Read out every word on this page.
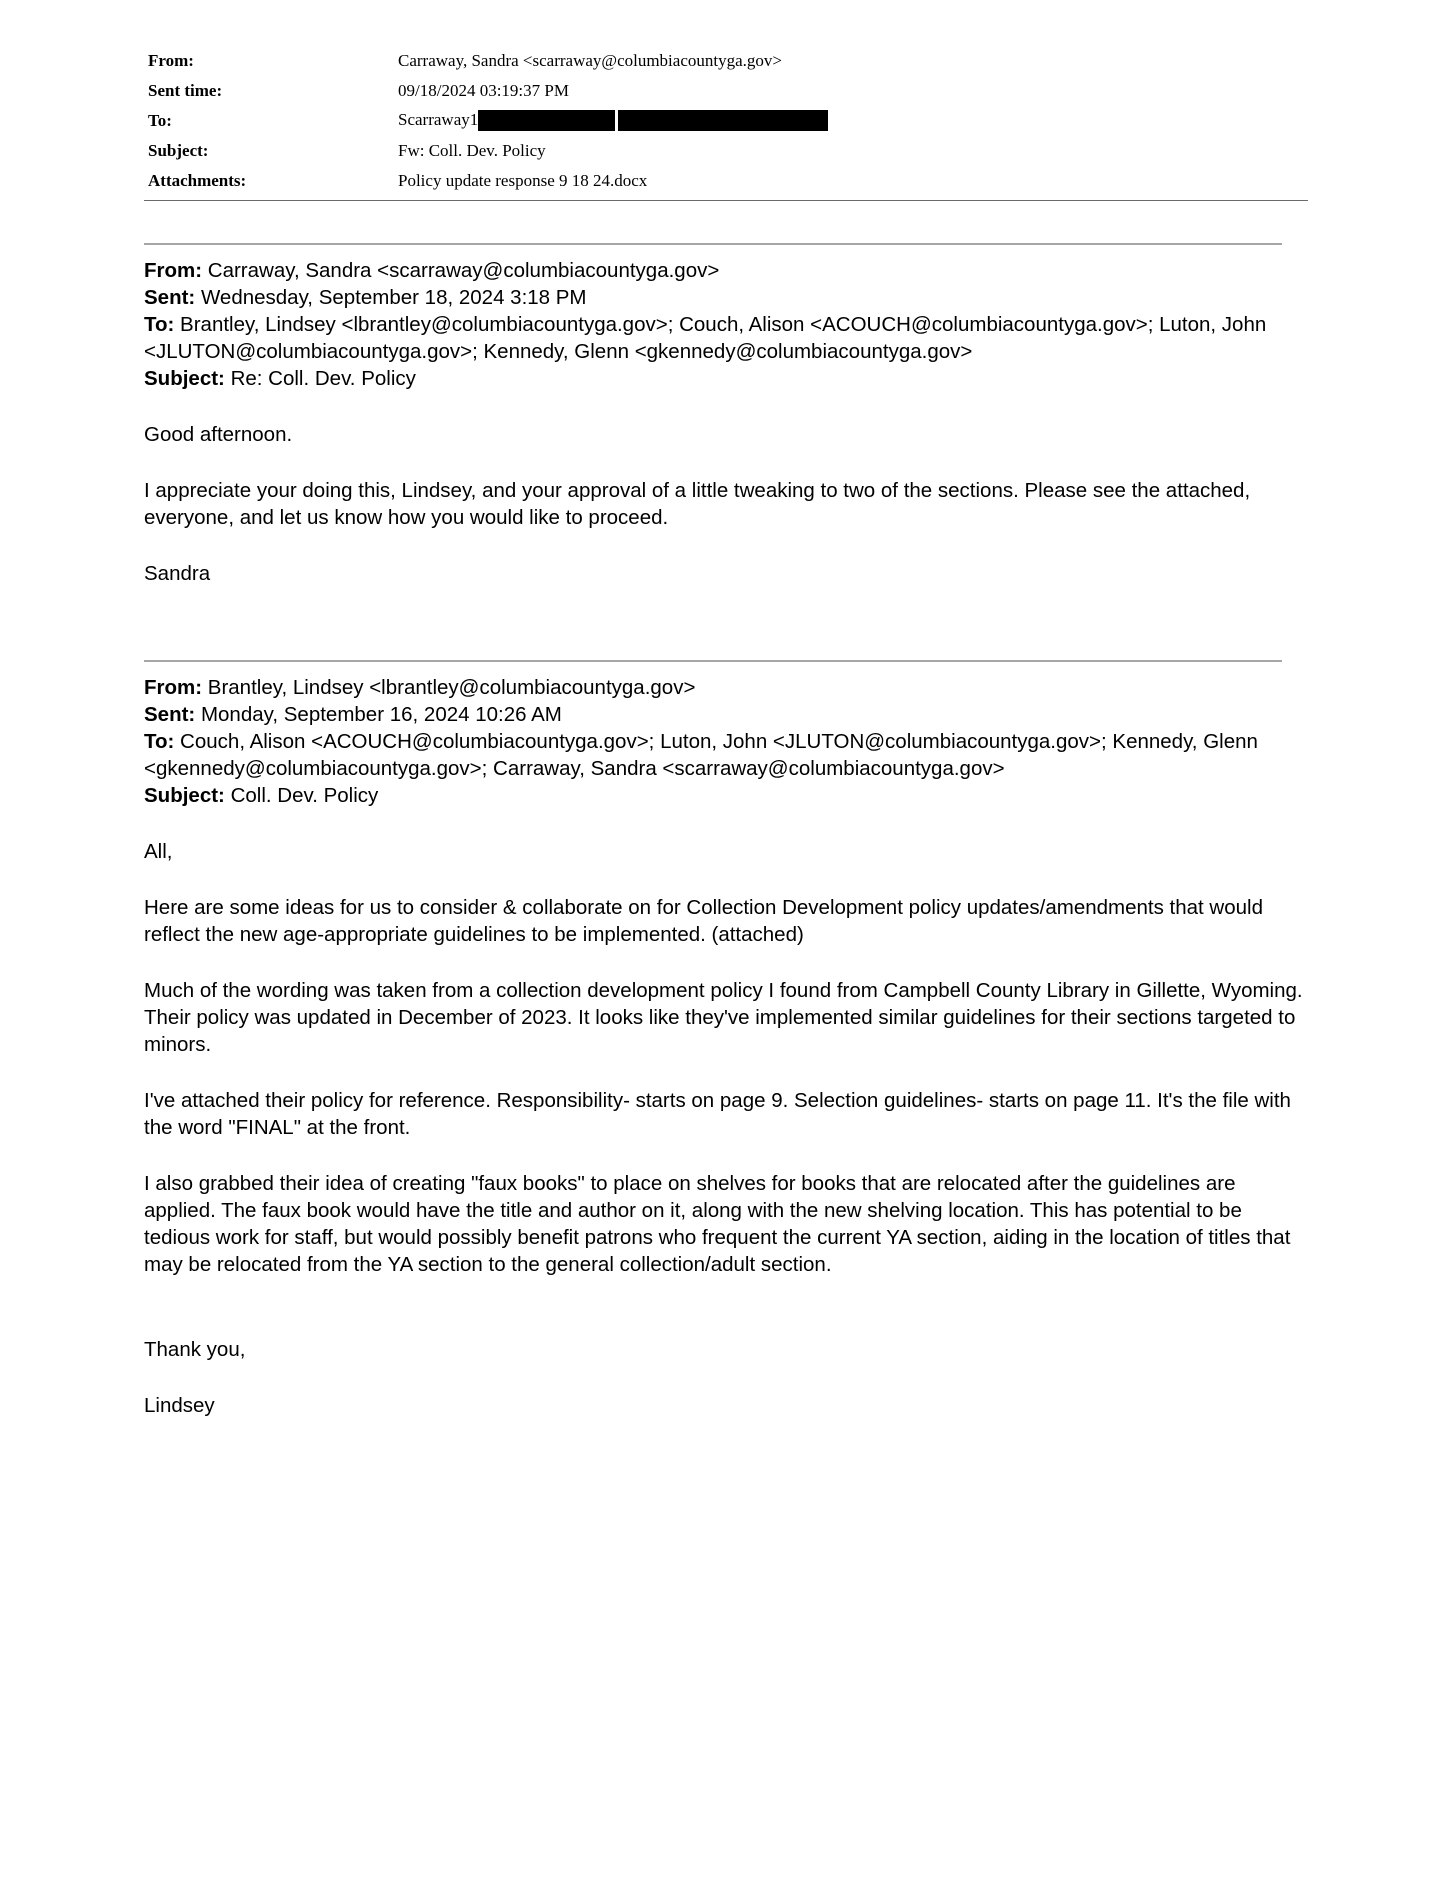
From:	Carraway, Sandra <scarraway@columbiacountyga.gov>
Sent time:	09/18/2024 03:19:37 PM
To:	Scarraway1
Subject:	Fw: Coll. Dev. Policy
Attachments:	Policy update response 9 18 24.docx

From: Carraway, Sandra <scarraway@columbiacountyga.gov>

Sent: Wednesday, September 18, 2024 3:18 PM

To: Brantley, Lindsey <lbrantley@columbiacountyga.gov>; Couch, Alison <ACOUCH@columbiacountyga.gov>; Luton, John <JLUTON@columbiacountyga.gov>; Kennedy, Glenn <gkennedy@columbiacountyga.gov>

Subject: Re: Coll. Dev. Policy

Good afternoon.

I appreciate your doing this, Lindsey, and your approval of a little tweaking to two of the sections. Please see the attached, everyone, and let us know how you would like to proceed.

Sandra

From: Brantley, Lindsey <lbrantley@columbiacountyga.gov>

Sent: Monday, September 16, 2024 10:26 AM

To: Couch, Alison <ACOUCH@columbiacountyga.gov>; Luton, John <JLUTON@columbiacountyga.gov>; Kennedy, Glenn <gkennedy@columbiacountyga.gov>; Carraway, Sandra <scarraway@columbiacountyga.gov>

Subject: Coll. Dev. Policy

All,

Here are some ideas for us to consider & collaborate on for Collection Development policy updates/amendments that would reflect the new age-appropriate guidelines to be implemented. (attached)

Much of the wording was taken from a collection development policy I found from Campbell County Library in Gillette, Wyoming. Their policy was updated in December of 2023. It looks like they've implemented similar guidelines for their sections targeted to minors.

I've attached their policy for reference. Responsibility- starts on page 9. Selection guidelines- starts on page 11. It's the file with the word "FINAL" at the front.

I also grabbed their idea of creating "faux books" to place on shelves for books that are relocated after the guidelines are applied. The faux book would have the title and author on it, along with the new shelving location. This has potential to be tedious work for staff, but would possibly benefit patrons who frequent the current YA section, aiding in the location of titles that may be relocated from the YA section to the general collection/adult section.

Thank you,

Lindsey
